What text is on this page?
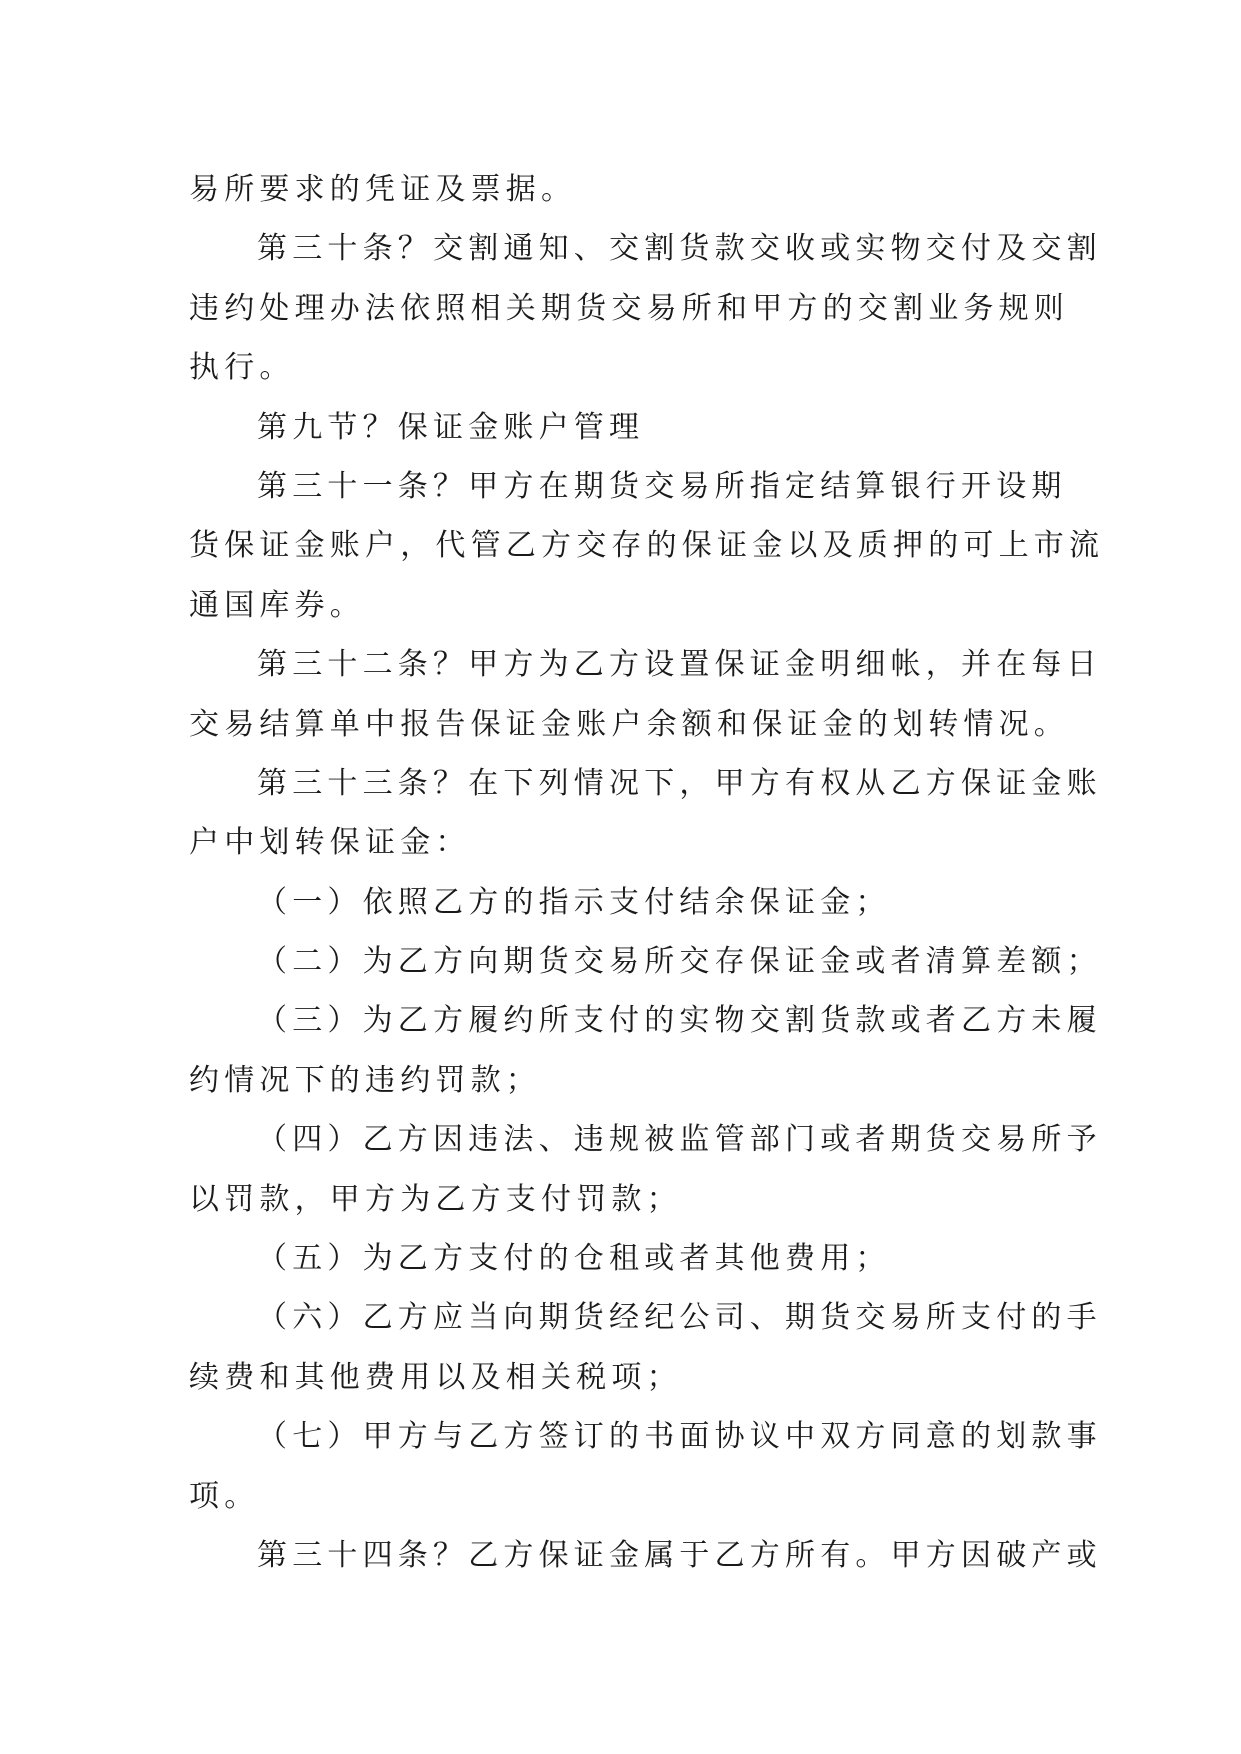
易所要求的凭证及票据。
第三十条？交割通知、交割货款交收或实物交付及交割
违约处理办法依照相关期货交易所和甲方的交割业务规则
执行。
第九节？保证金账户管理
第三十一条？甲方在期货交易所指定结算银行开设期
货保证金账户，代管乙方交存的保证金以及质押的可上市流
通国库券。
第三十二条？甲方为乙方设置保证金明细帐，并在每日
交易结算单中报告保证金账户余额和保证金的划转情况。
第三十三条？在下列情况下，甲方有权从乙方保证金账
户中划转保证金：
（一）依照乙方的指示支付结余保证金；
（二）为乙方向期货交易所交存保证金或者清算差额；
（三）为乙方履约所支付的实物交割货款或者乙方未履
约情况下的违约罚款；
（四）乙方因违法、违规被监管部门或者期货交易所予
以罚款，甲方为乙方支付罚款；
（五）为乙方支付的仓租或者其他费用；
（六）乙方应当向期货经纪公司、期货交易所支付的手
续费和其他费用以及相关税项；
（七）甲方与乙方签订的书面协议中双方同意的划款事
项。
第三十四条？乙方保证金属于乙方所有。甲方因破产或
